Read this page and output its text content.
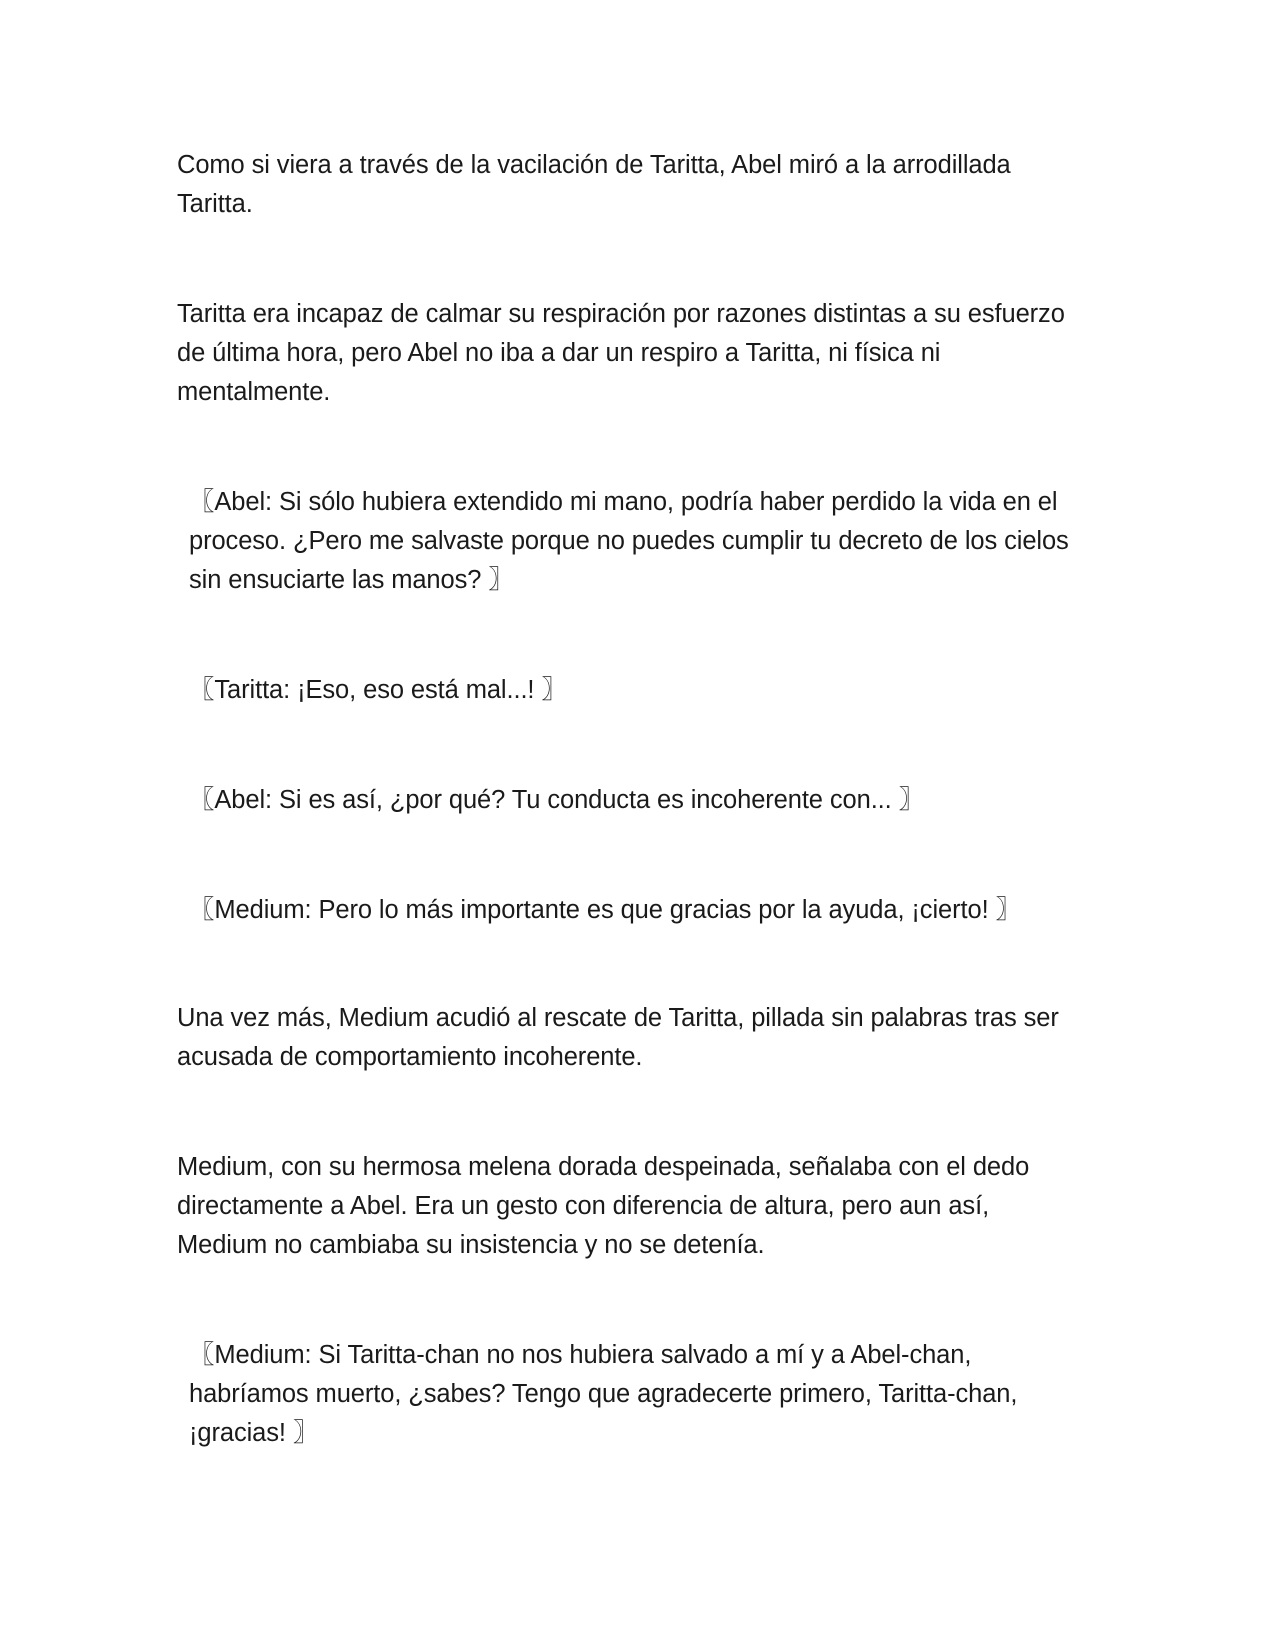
Como si viera a través de la vacilación de Taritta, Abel miró a la arrodillada Taritta.

Taritta era incapaz de calmar su respiración por razones distintas a su esfuerzo de última hora, pero Abel no iba a dar un respiro a Taritta, ni física ni mentalmente.

〖Abel: Si sólo hubiera extendido mi mano, podría haber perdido la vida en el proceso. ¿Pero me salvaste porque no puedes cumplir tu decreto de los cielos sin ensuciarte las manos? 〗

〖Taritta: ¡Eso, eso está mal...! 〗

〖Abel: Si es así, ¿por qué? Tu conducta es incoherente con... 〗

〖Medium: Pero lo más importante es que gracias por la ayuda, ¡cierto! 〗

Una vez más, Medium acudió al rescate de Taritta, pillada sin palabras tras ser acusada de comportamiento incoherente.

Medium, con su hermosa melena dorada despeinada, señalaba con el dedo directamente a Abel. Era un gesto con diferencia de altura, pero aun así, Medium no cambiaba su insistencia y no se detenía.

〖Medium: Si Taritta-chan no nos hubiera salvado a mí y a Abel-chan, habríamos muerto, ¿sabes? Tengo que agradecerte primero, Taritta-chan, ¡gracias! 〗
